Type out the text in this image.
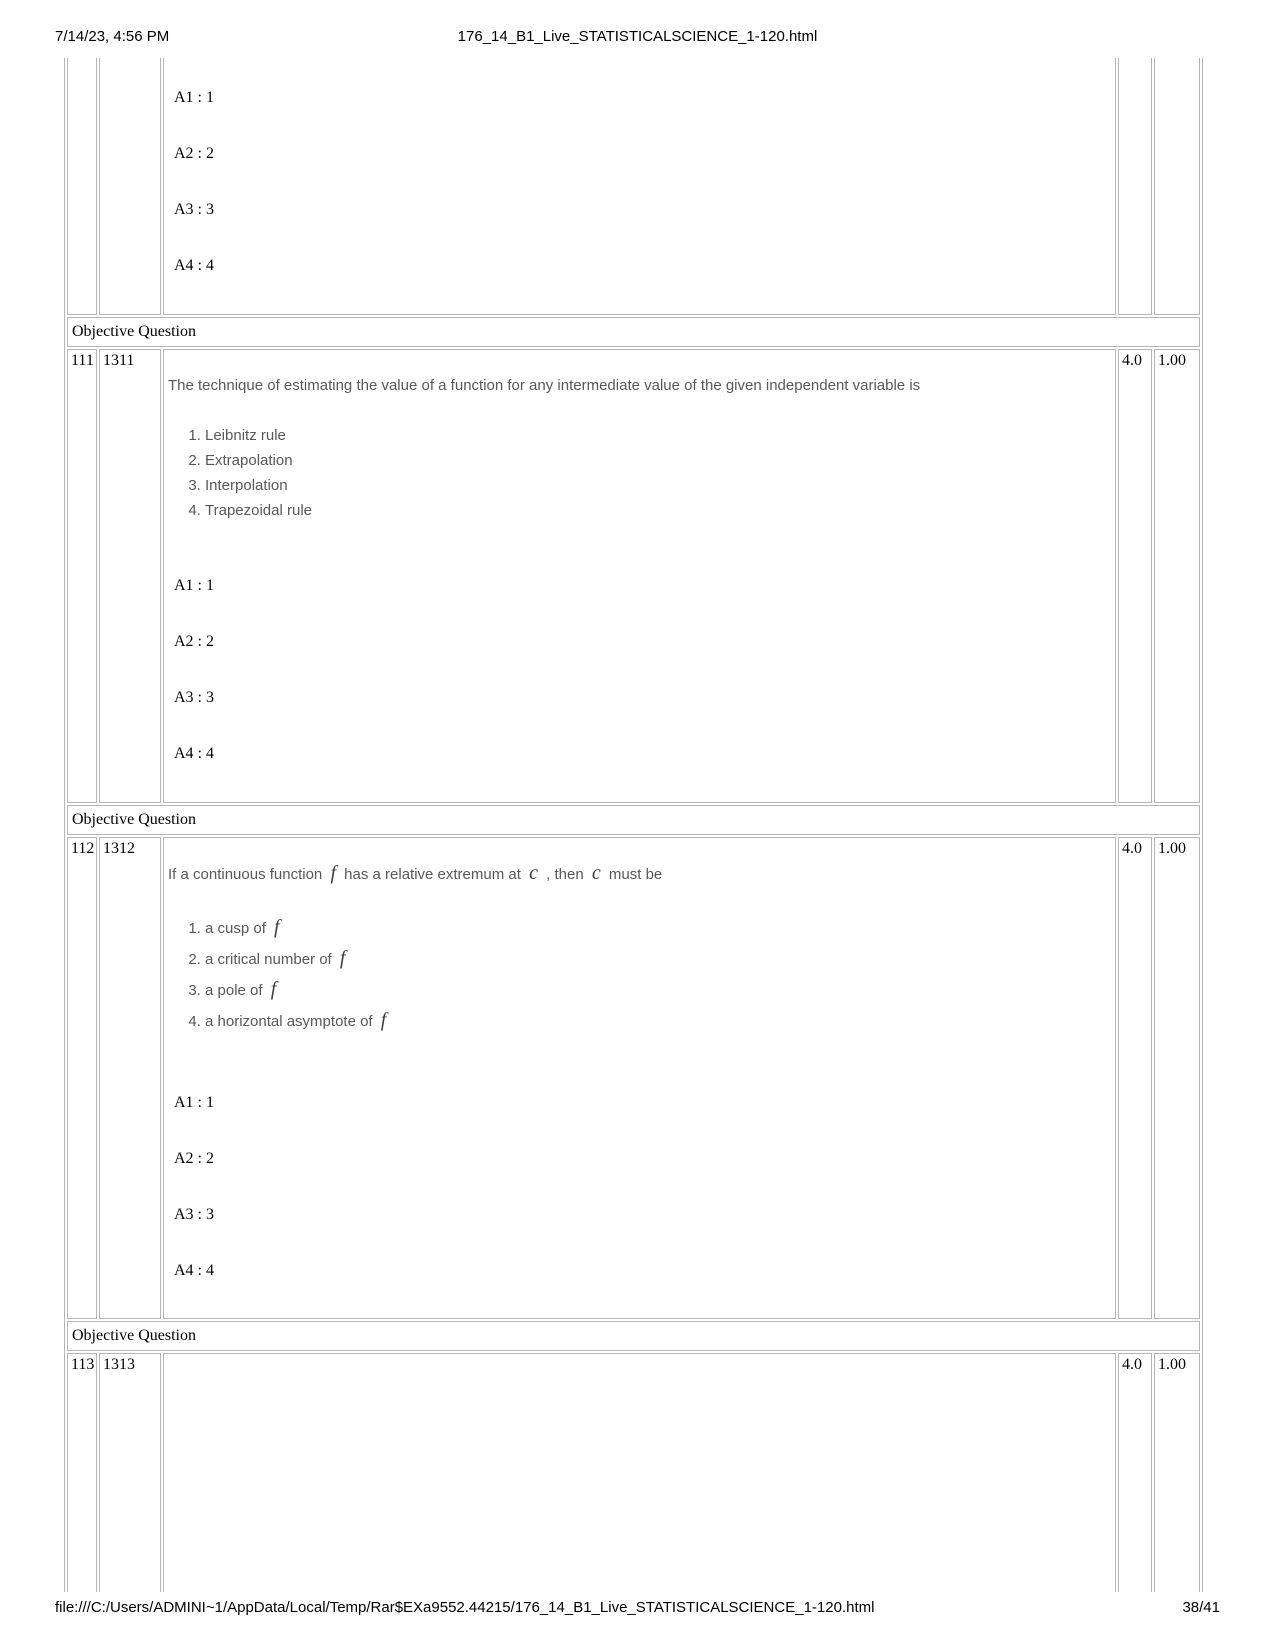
7/14/23, 4:56 PM	176_14_B1_Live_STATISTICALSCIENCE_1-120.html

		A1 : 1
A2 : 2
A3 : 3
A4 : 4		

Objective Question				
111	1311	

The technique of estimating the value of a function for any intermediate value of the given independent variable is

1. Leibnitz rule
2. Extrapolation
3. Interpolation
4. Trapezoidal rule
A1 : 1
A2 : 2
A3 : 3
A4 : 4
	4.0	1.00
Objective Question				
112	1312	

If a continuous function f has a relative extremum at c , then c must be

1. a cusp of f
2. a critical number of f
3. a pole of f
4. a horizontal asymptote of f
A1 : 1
A2 : 2
A3 : 3
A4 : 4
	4.0	1.00
Objective Question				
113	1313		4.0	1.00
file:///C:/Users/ADMINI~1/AppData/Local/Temp/Rar$EXa9552.44215/176_14_B1_Live_STATISTICALSCIENCE_1-120.html	38/41
